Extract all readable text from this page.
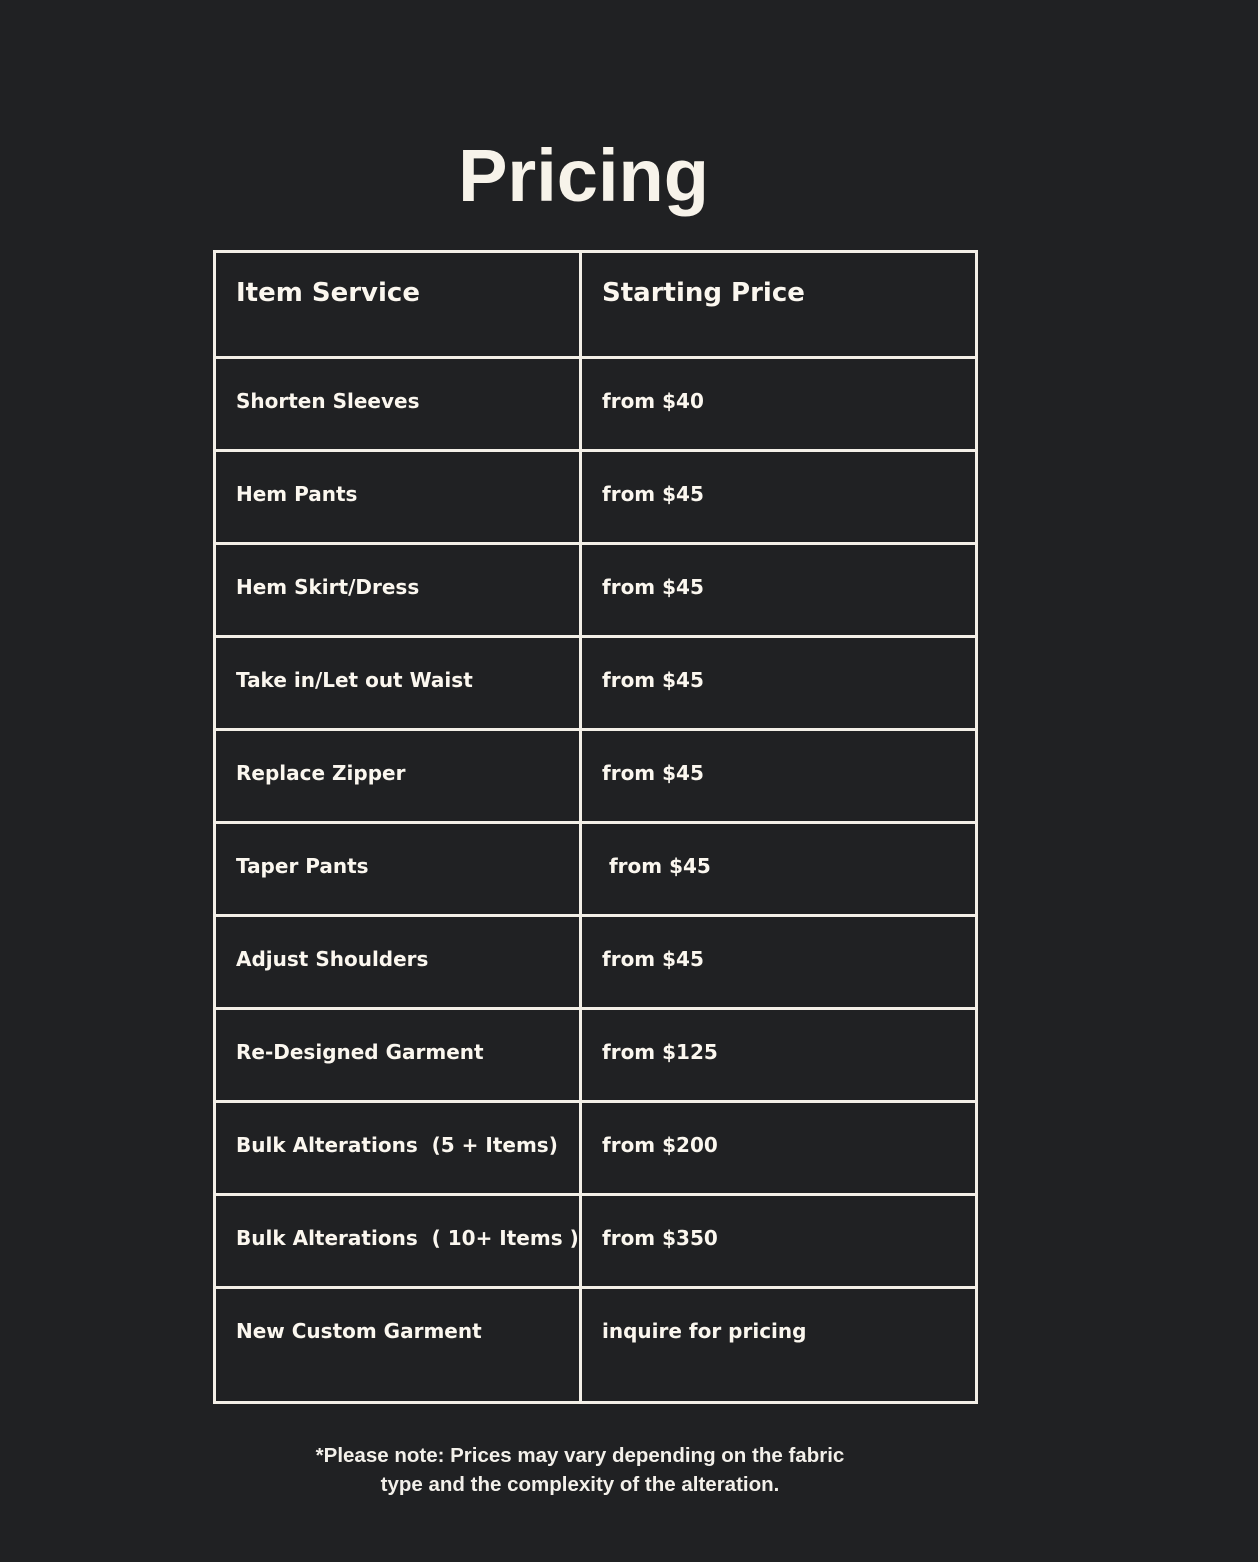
Pricing
Item Service	Starting Price
Shorten Sleeves	from $40
Hem Pants	from $45
Hem Skirt/Dress	from $45
Take in/Let out Waist	from $45
Replace Zipper	from $45
Taper Pants	from $45
Adjust Shoulders	from $45
Re-Designed Garment	from $125
Bulk Alterations  (5 + Items)	from $200
Bulk Alterations  ( 10+ Items )	from $350
New Custom Garment	inquire for pricing

*Please note: Prices may vary depending on the fabric
type and the complexity of the alteration.
